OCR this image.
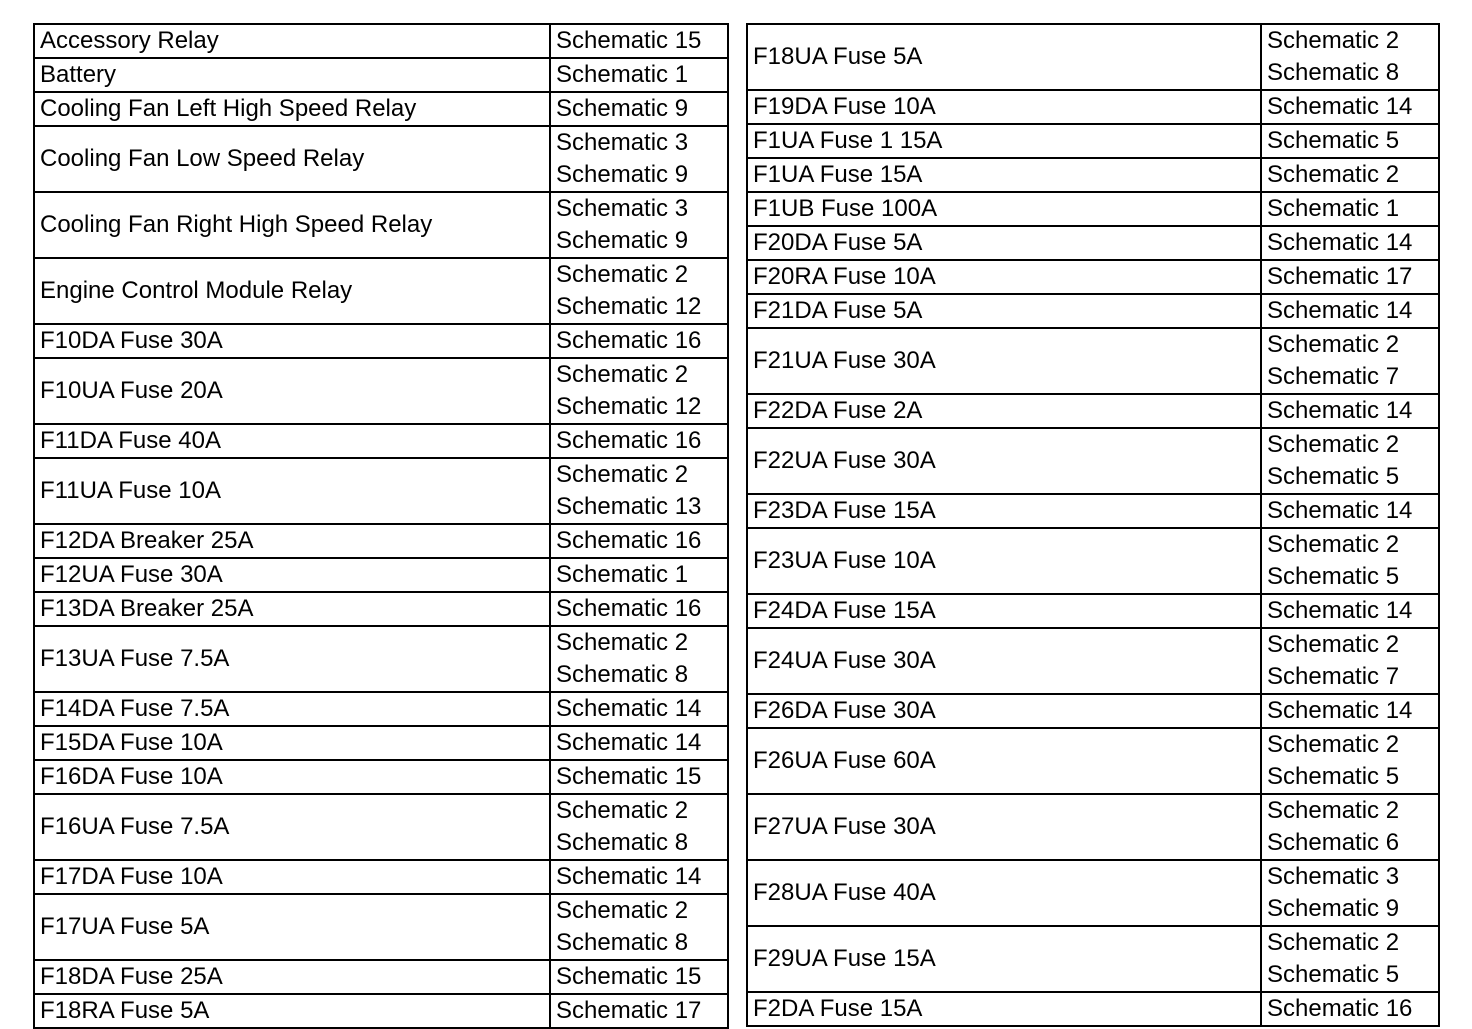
Accessory Relay	Schematic 15

Battery	Schematic 1

Cooling Fan Left High Speed Relay	Schematic 9

Cooling Fan Low Speed Relay	Schematic 3
Schematic 9

Cooling Fan Right High Speed Relay	Schematic 3
Schematic 9

Engine Control Module Relay	Schematic 2
Schematic 12

F10DA Fuse 30A	Schematic 16

F10UA Fuse 20A	Schematic 2
Schematic 12

F11DA Fuse 40A	Schematic 16

F11UA Fuse 10A	Schematic 2
Schematic 13

F12DA Breaker 25A	Schematic 16

F12UA Fuse 30A	Schematic 1

F13DA Breaker 25A	Schematic 16

F13UA Fuse 7.5A	Schematic 2
Schematic 8

F14DA Fuse 7.5A	Schematic 14

F15DA Fuse 10A	Schematic 14

F16DA Fuse 10A	Schematic 15

F16UA Fuse 7.5A	Schematic 2
Schematic 8

F17DA Fuse 10A	Schematic 14

F17UA Fuse 5A	Schematic 2
Schematic 8

F18DA Fuse 25A	Schematic 15

F18RA Fuse 5A	Schematic 17
F18UA Fuse 5A	Schematic 2
Schematic 8

F19DA Fuse 10A	Schematic 14

F1UA Fuse 1 15A	Schematic 5

F1UA Fuse 15A	Schematic 2

F1UB Fuse 100A	Schematic 1

F20DA Fuse 5A	Schematic 14

F20RA Fuse 10A	Schematic 17

F21DA Fuse 5A	Schematic 14

F21UA Fuse 30A	Schematic 2
Schematic 7

F22DA Fuse 2A	Schematic 14

F22UA Fuse 30A	Schematic 2
Schematic 5

F23DA Fuse 15A	Schematic 14

F23UA Fuse 10A	Schematic 2
Schematic 5

F24DA Fuse 15A	Schematic 14

F24UA Fuse 30A	Schematic 2
Schematic 7

F26DA Fuse 30A	Schematic 14

F26UA Fuse 60A	Schematic 2
Schematic 5

F27UA Fuse 30A	Schematic 2
Schematic 6

F28UA Fuse 40A	Schematic 3
Schematic 9

F29UA Fuse 15A	Schematic 2
Schematic 5

F2DA Fuse 15A	Schematic 16
